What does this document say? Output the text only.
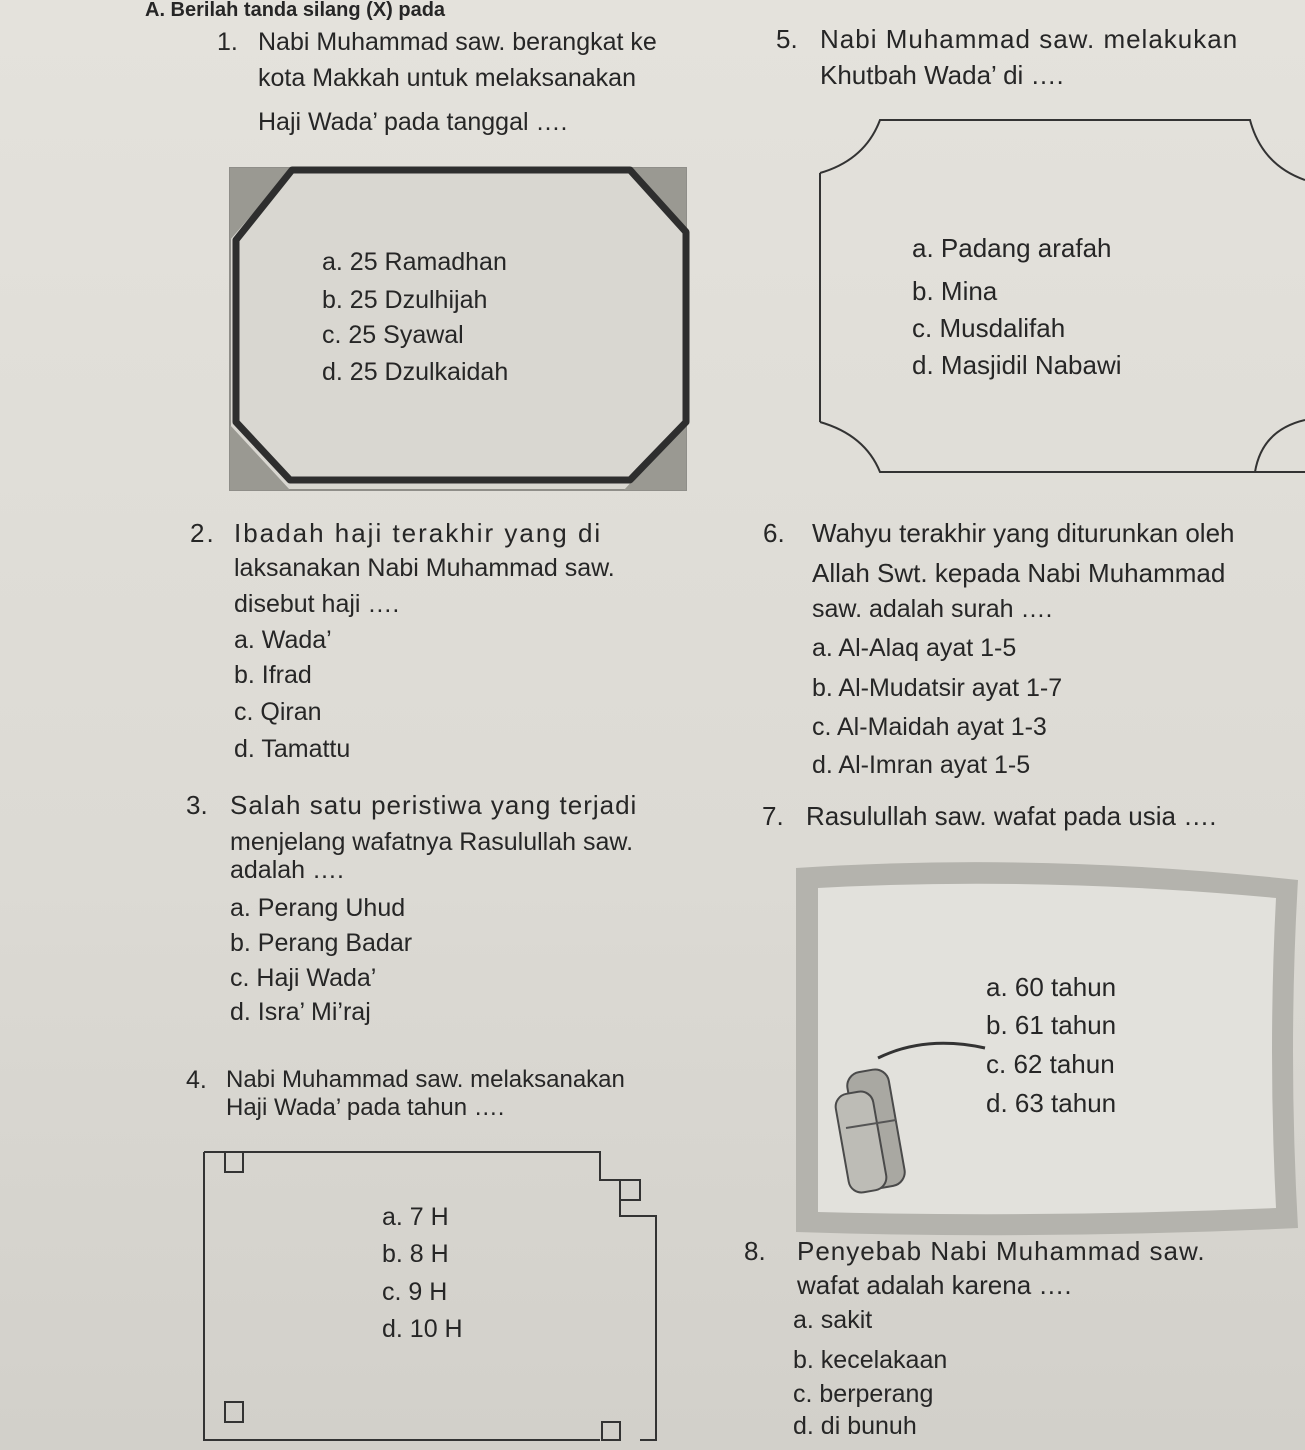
A. Berilah tanda silang (X) pada
1. Nabi Muhammad saw. berangkat ke
kota Makkah untuk melaksanakan
Haji Wada’ pada tanggal ….
a. 25 Ramadhan
b. 25 Dzulhijah
c. 25 Syawal
d. 25 Dzulkaidah
5. Nabi Muhammad saw. melakukan
Khutbah Wada’ di ….
a. Padang arafah
b. Mina
c. Musdalifah
d. Masjidil Nabawi
2. Ibadah haji terakhir yang di
laksanakan Nabi Muhammad saw.
disebut haji ….
a. Wada’
b. Ifrad
c. Qiran
d. Tamattu
6. Wahyu terakhir yang diturunkan oleh
Allah Swt. kepada Nabi Muhammad
saw. adalah surah ….
a. Al-Alaq ayat 1-5
b. Al-Mudatsir ayat 1-7
c. Al-Maidah ayat 1-3
d. Al-Imran ayat 1-5
3. Salah satu peristiwa yang terjadi
menjelang wafatnya Rasulullah saw.
adalah ….
a. Perang Uhud
b. Perang Badar
c. Haji Wada’
d. Isra’ Mi’raj
7. Rasulullah saw. wafat pada usia ….
a. 60 tahun
b. 61 tahun
c. 62 tahun
d. 63 tahun
4. Nabi Muhammad saw. melaksanakan
Haji Wada’ pada tahun ….
a. 7 H
b. 8 H
c. 9 H
d. 10 H
8. Penyebab Nabi Muhammad saw.
wafat adalah karena ….
a. sakit
b. kecelakaan
c. berperang
d. di bunuh
